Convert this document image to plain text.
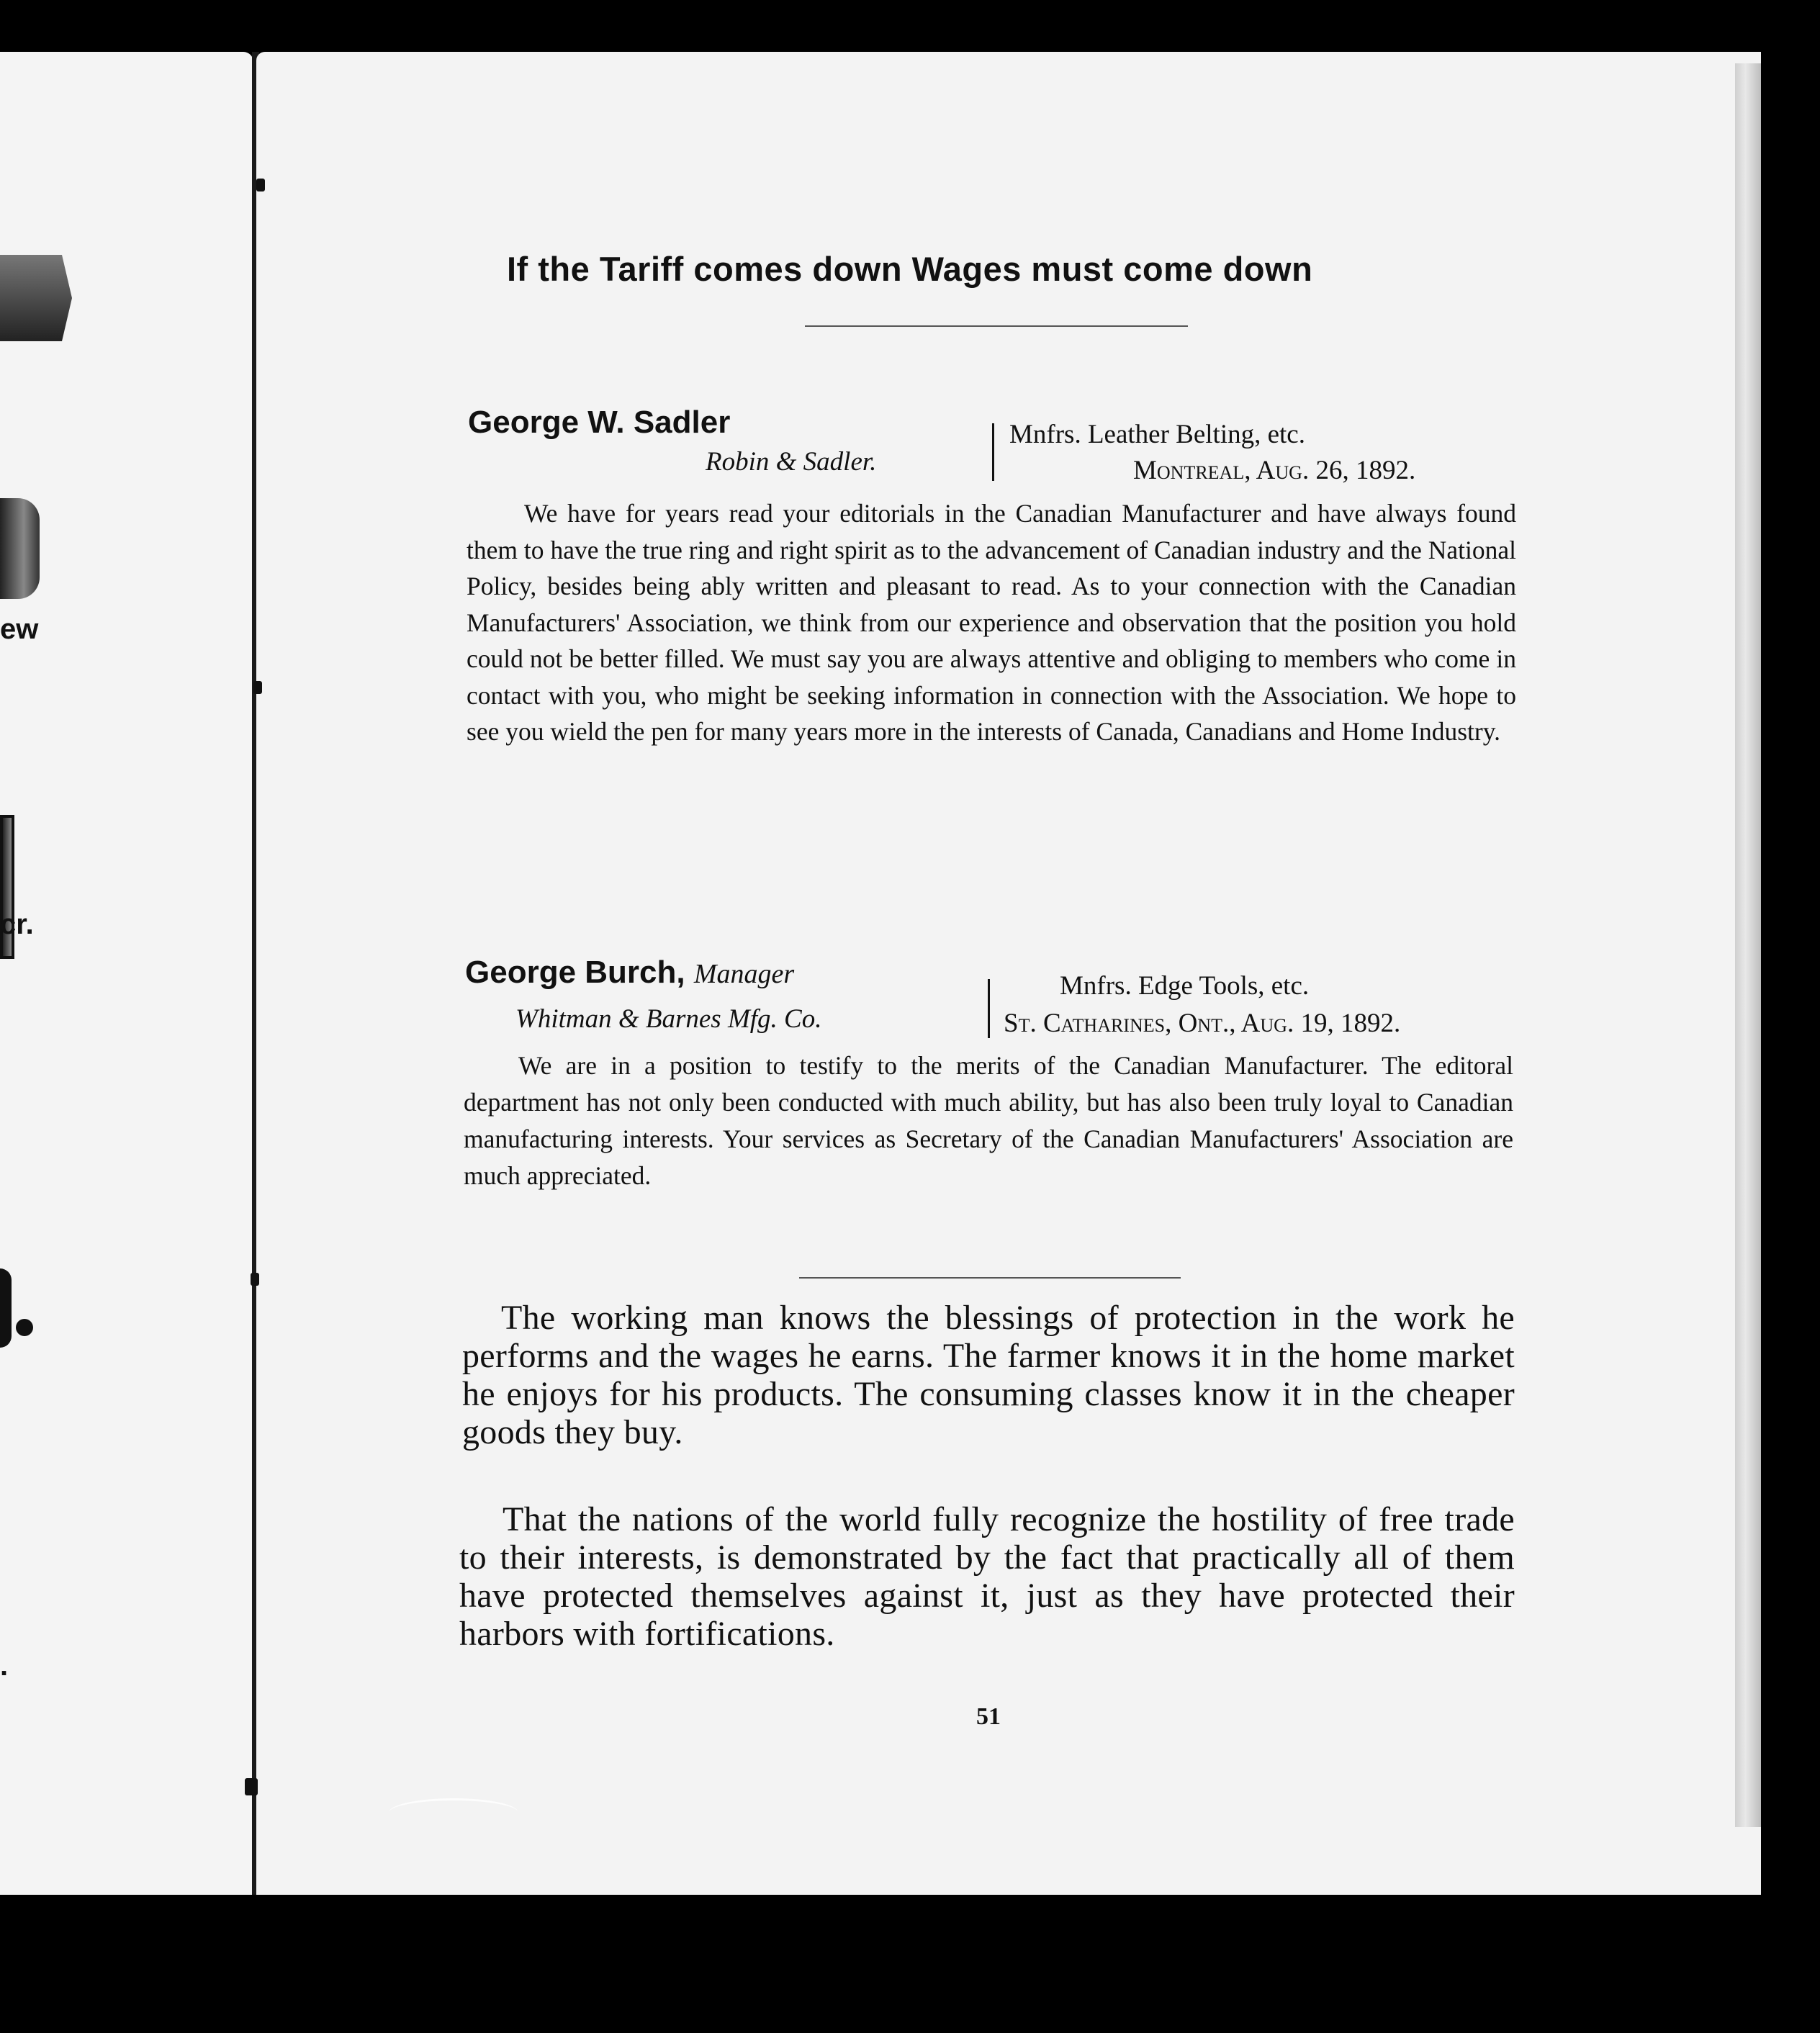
ew
cr.
.
If the Tariff comes down Wages must come down
George W. Sadler
Robin & Sadler.
Mnfrs. Leather Belting, etc.
Montreal, Aug. 26, 1892.
We have for years read your editorials in the Canadian Manufacturer and have always found them to have the true ring and right spirit as to the advancement of Canadian industry and the National Policy, besides being ably written and pleasant to read. As to your connection with the Canadian Manufacturers' Association, we think from our experience and observation that the position you hold could not be better filled. We must say you are always attentive and obliging to members who come in contact with you, who might be seeking information in connection with the Association. We hope to see you wield the pen for many years more in the interests of Canada, Canadians and Home Industry.
George Burch, Manager
Whitman & Barnes Mfg. Co.
Mnfrs. Edge Tools, etc.
St. Catharines, Ont., Aug. 19, 1892.
We are in a position to testify to the merits of the Canadian Manufacturer. The editoral department has not only been conducted with much ability, but has also been truly loyal to Canadian manufacturing interests. Your services as Secretary of the Canadian Manufacturers' Association are much appreciated.
The working man knows the blessings of protection in the work he performs and the wages he earns. The farmer knows it in the home market he enjoys for his products. The consuming classes know it in the cheaper goods they buy.
That the nations of the world fully recognize the hostility of free trade to their interests, is demonstrated by the fact that practically all of them have protected themselves against it, just as they have protected their harbors with fortifications.
51
